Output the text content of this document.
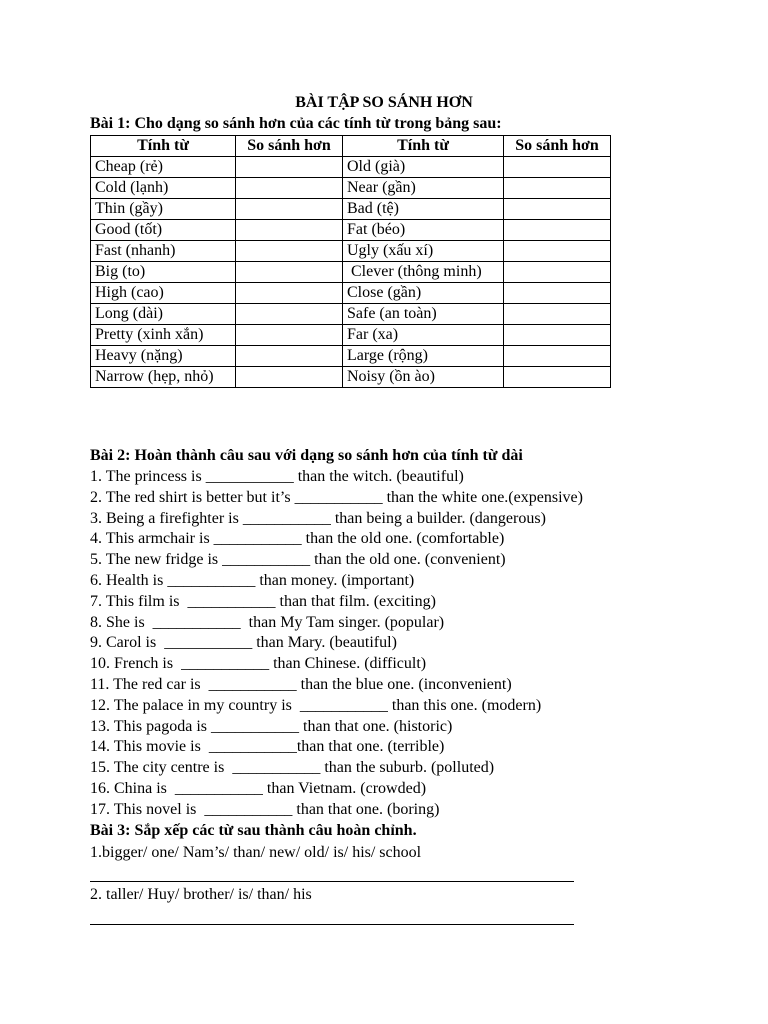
BÀI TẬP SO SÁNH HƠN
Bài 1: Cho dạng so sánh hơn của các tính từ trong bảng sau:
Tính từ	So sánh hơn	Tính từ	So sánh hơn
Cheap (rẻ)		Old (già)	
Cold (lạnh)		Near (gần)	
Thin (gầy)		Bad (tệ)	
Good (tốt)		Fat (béo)	
Fast (nhanh)		Ugly (xấu xí)	
Big (to)		Clever (thông minh)	
High (cao)		Close (gần)	
Long (dài)		Safe (an toàn)	
Pretty (xinh xắn)		Far (xa)	
Heavy (nặng)		Large (rộng)	
Narrow (hẹp, nhỏ)		Noisy (ồn ào)	
Bài 2: Hoàn thành câu sau với dạng so sánh hơn của tính từ dài
1. The princess is ___________ than the witch. (beautiful)
2. The red shirt is better but it’s ___________ than the white one.(expensive)
3. Being a firefighter is ___________ than being a builder. (dangerous)
4. This armchair is ___________ than the old one. (comfortable)
5. The new fridge is ___________ than the old one. (convenient)
6. Health is ___________ than money. (important)
7. This film is  ___________ than that film. (exciting)
8. She is  ___________  than My Tam singer. (popular)
9. Carol is  ___________ than Mary. (beautiful)
10. French is  ___________ than Chinese. (difficult)
11. The red car is  ___________ than the blue one. (inconvenient)
12. The palace in my country is  ___________ than this one. (modern)
13. This pagoda is ___________ than that one. (historic)
14. This movie is  ___________than that one. (terrible)
15. The city centre is  ___________ than the suburb. (polluted)
16. China is  ___________ than Vietnam. (crowded)
17. This novel is  ___________ than that one. (boring)
Bài 3: Sắp xếp các từ sau thành câu hoàn chỉnh.
1.bigger/ one/ Nam’s/ than/ new/ old/ is/ his/ school
2. taller/ Huy/ brother/ is/ than/ his
